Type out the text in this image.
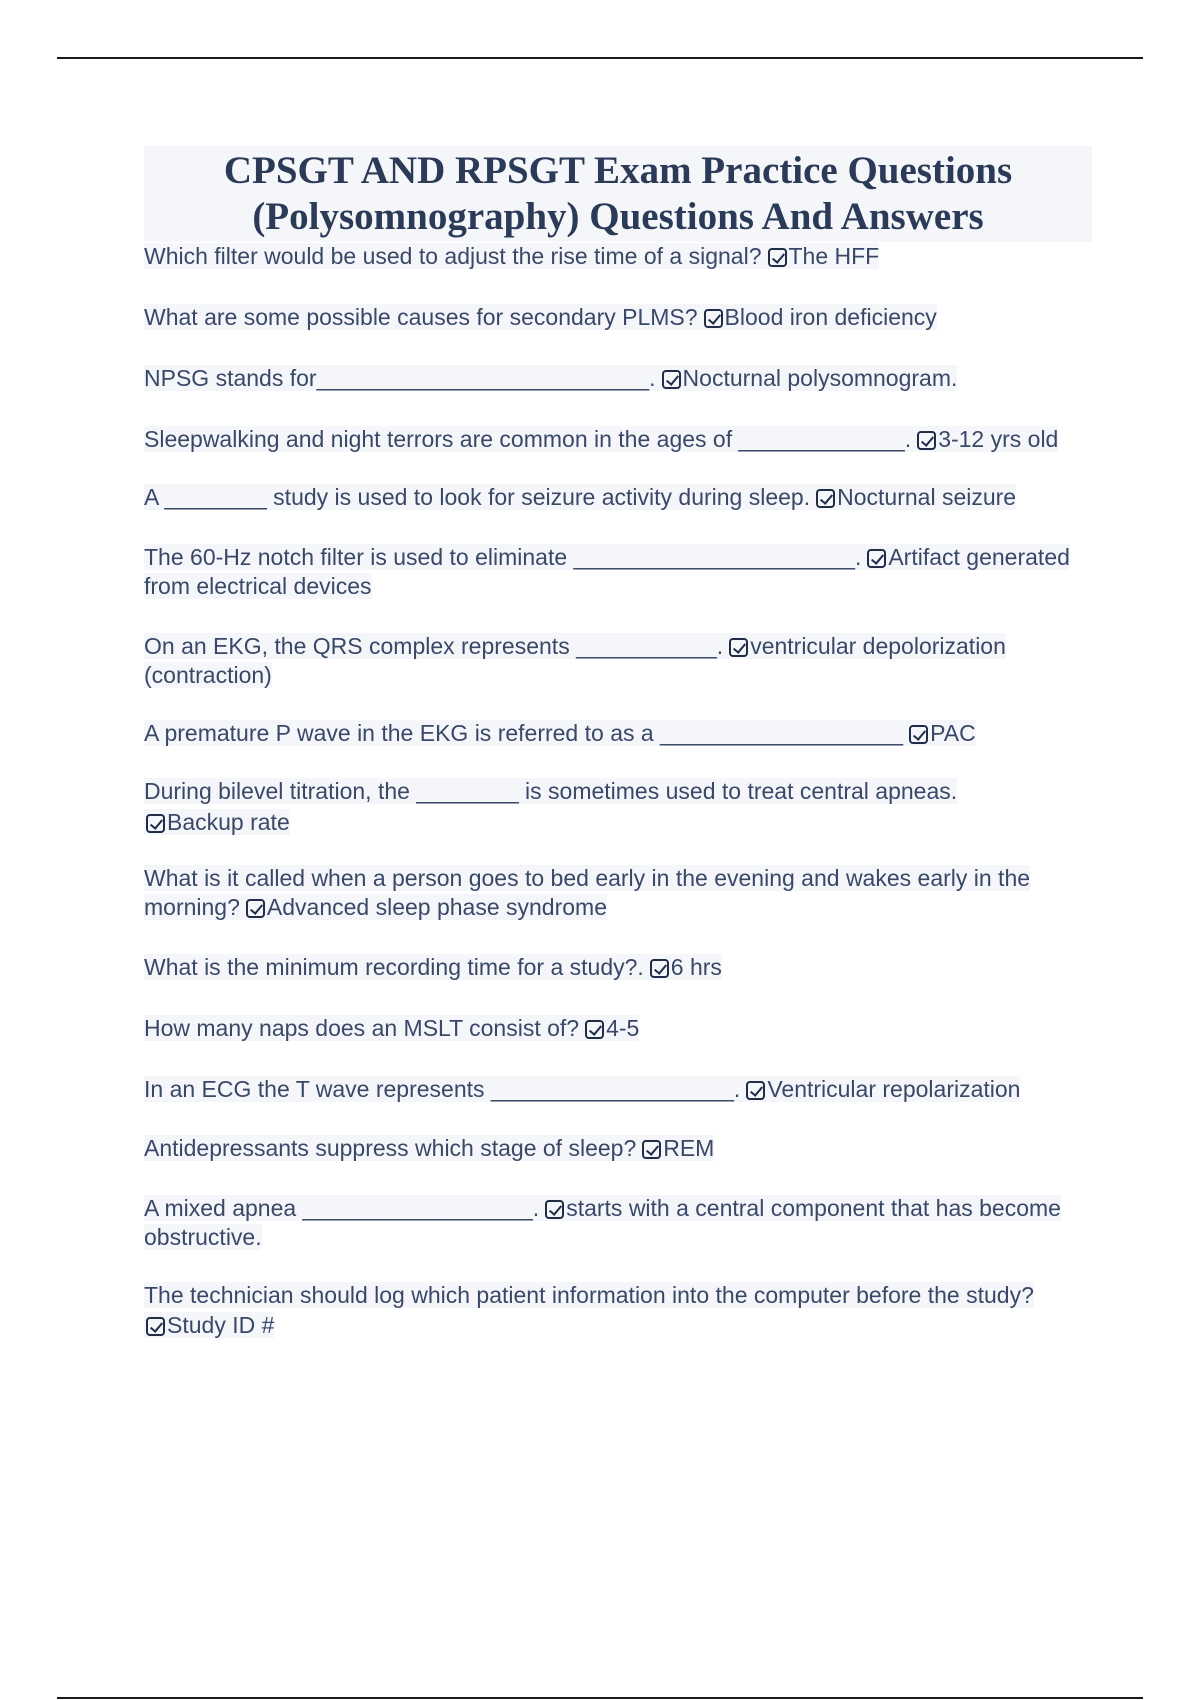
CPSGT AND RPSGT Exam Practice Questions
(Polysomnography) Questions And Answers

Which filter would be used to adjust the rise time of a signal? The HFF

What are some possible causes for secondary PLMS? Blood iron deficiency

NPSG stands for__________________________. Nocturnal polysomnogram.

Sleepwalking and night terrors are common in the ages of _____________. 3-12 yrs old

A ________ study is used to look for seizure activity during sleep. Nocturnal seizure

The 60-Hz notch filter is used to eliminate ______________________. Artifact generated from electrical devices

On an EKG, the QRS complex represents ___________. ventricular depolorization (contraction)

A premature P wave in the EKG is referred to as a ___________________ PAC

During bilevel titration, the ________ is sometimes used to treat central apneas.
Backup rate

What is it called when a person goes to bed early in the evening and wakes early in the morning? Advanced sleep phase syndrome

What is the minimum recording time for a study?. 6 hrs

How many naps does an MSLT consist of? 4-5

In an ECG the T wave represents ___________________. Ventricular repolarization

Antidepressants suppress which stage of sleep? REM

A mixed apnea __________________. starts with a central component that has become obstructive.

The technician should log which patient information into the computer before the study?
Study ID #
